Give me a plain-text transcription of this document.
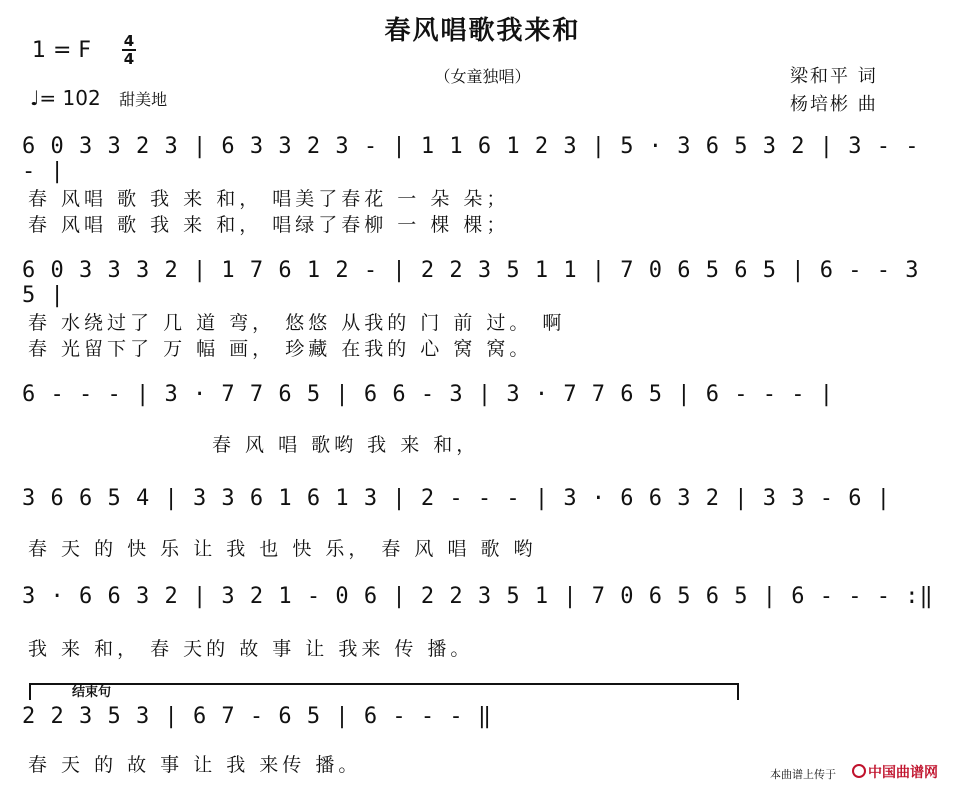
春风唱歌我来和
（女童独唱）
1 = F 4
4
♩= 102 甜美地
梁和平 词
杨培彬 曲
6 0 3 3 2 3 | 6 3 3 2 3 - | 1 1 6 1 2 3 | 5 · 3 6 5 3 2 | 3 - - - |
春 风唱 歌 我 来 和， 唱美了春花 一 朵 朵；
春 风唱 歌 我 来 和， 唱绿了春柳 一 棵 棵；
6 0 3 3 3 2 | 1 7 6 1 2 - | 2 2 3 5 1 1 | 7 0 6 5 6 5 | 6 - - 3 5 |
春 水绕过了 几 道 弯， 悠悠 从我的 门 前 过。 啊
春 光留下了 万 幅 画， 珍藏 在我的 心 窝 窝。
6 - - - | 3 · 7 7 6 5 | 6 6 - 3 | 3 · 7 7 6 5 | 6 - - - |
春 风 唱 歌哟 我 来 和，
3 6 6 5 4 | 3 3 6 1 6 1 3 | 2 - - - | 3 · 6 6 3 2 | 3 3 - 6 |
春 天 的 快 乐 让 我 也 快 乐， 春 风 唱 歌 哟
3 · 6 6 3 2 | 3 2 1 - 0 6 | 2 2 3 5 1 | 7 0 6 5 6 5 | 6 - - - :‖
我 来 和， 春 天的 故 事 让 我来 传 播。
结束句
2 2 3 5 3 | 6 7 - 6 5 | 6 - - - ‖
春 天 的 故 事 让 我 来传 播。	本曲谱上传于 中国曲谱网
